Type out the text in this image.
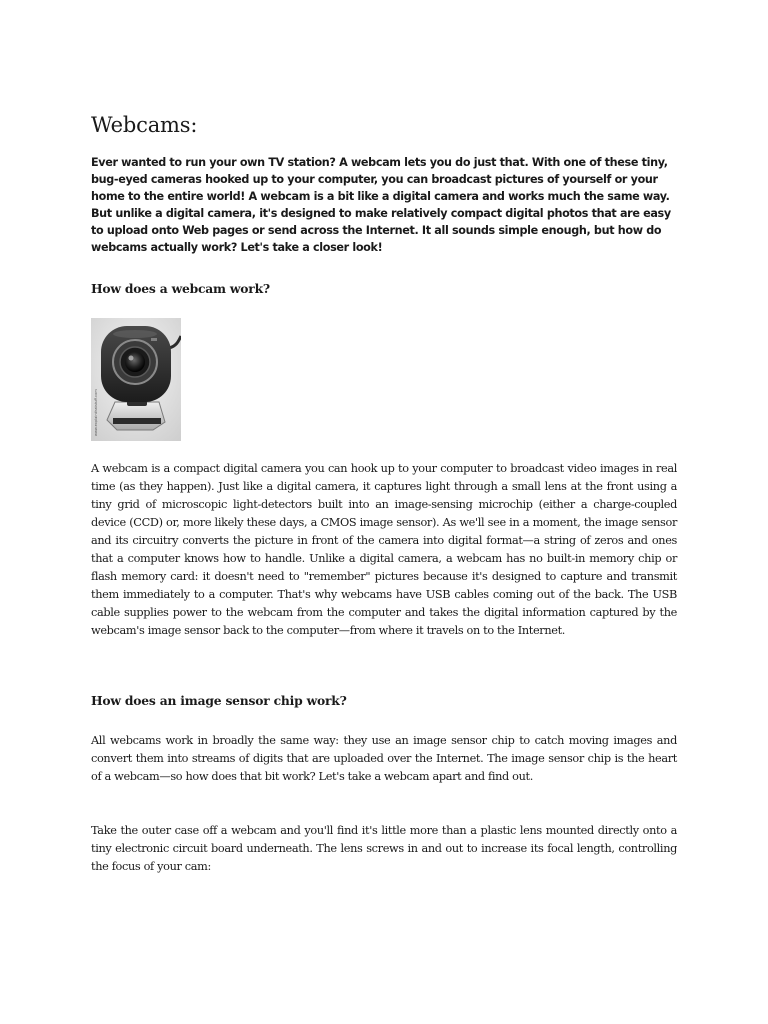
Webcams:

Ever wanted to run your own TV station? A webcam lets you do just that. With one of these tiny, bug-eyed cameras hooked up to your computer, you can broadcast pictures of yourself or your home to the entire world! A webcam is a bit like a digital camera and works much the same way. But unlike a digital camera, it's designed to make relatively compact digital photos that are easy to upload onto Web pages or send across the Internet. It all sounds simple enough, but how do webcams actually work? Let's take a closer look!

How does a webcam work?
www.explainthatstuff.com

A webcam is a compact digital camera you can hook up to your computer to broadcast video images in real time (as they happen). Just like a digital camera, it captures light through a small lens at the front using a tiny grid of microscopic light-detectors built into an image-sensing microchip (either a charge-coupled device (CCD) or, more likely these days, a CMOS image sensor). As we'll see in a moment, the image sensor and its circuitry converts the picture in front of the camera into digital format—a string of zeros and ones that a computer knows how to handle. Unlike a digital camera, a webcam has no built-in memory chip or flash memory card: it doesn't need to "remember" pictures because it's designed to capture and transmit them immediately to a computer. That's why webcams have USB cables coming out of the back. The USB cable supplies power to the webcam from the computer and takes the digital information captured by the webcam's image sensor back to the computer—from where it travels on to the Internet.

How does an image sensor chip work?

All webcams work in broadly the same way: they use an image sensor chip to catch moving images and convert them into streams of digits that are uploaded over the Internet. The image sensor chip is the heart of a webcam—so how does that bit work? Let's take a webcam apart and find out.

Take the outer case off a webcam and you'll find it's little more than a plastic lens mounted directly onto a tiny electronic circuit board underneath. The lens screws in and out to increase its focal length, controlling the focus of your cam:
